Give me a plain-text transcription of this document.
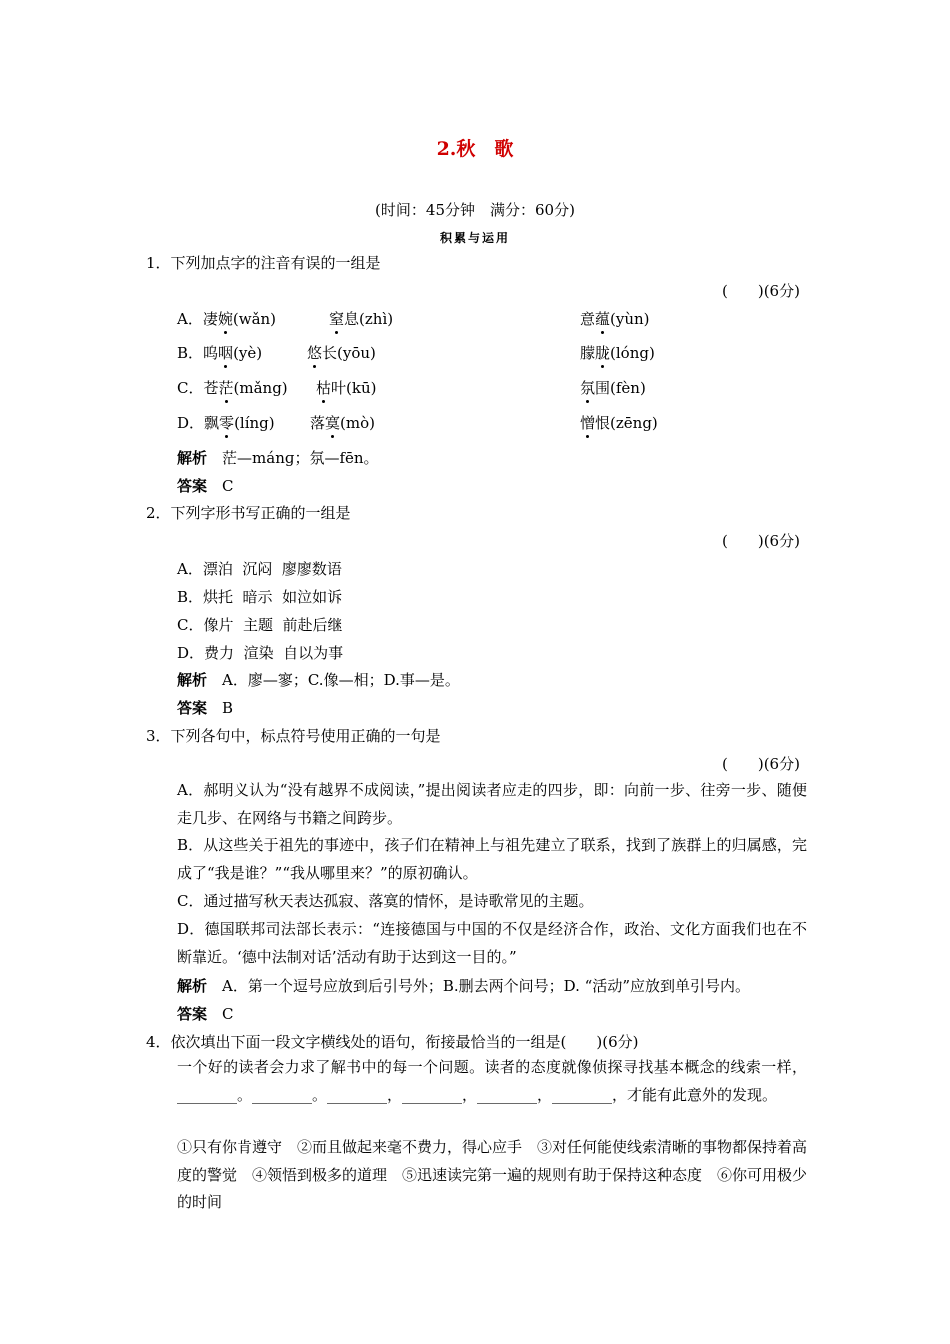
2.秋　歌
(时间：45分钟　满分：60分)
积累与运用
1．下列加点字的注音有误的一组是
(　　)(6分)
A．凄婉(wǎn)	窒息(zhì)	意蕴(yùn)
B．呜咽(yè)	悠长(yōu)	朦胧(lóng)
C．苍茫(mǎng) 枯叶(kū)	氛围(fèn)
D．飘零(líng) 落寞(mò)	憎恨(zēng)
解析　 茫—mánɡ；氛—fēn。
答案　 C
2．下列字形书写正确的一组是
(　　)(6分)
A．漂泊  沉闷  廖廖数语
B．烘托  暗示  如泣如诉
C．像片  主题  前赴后继
D．费力  渲染  自以为事
解析　 A．廖—寥；C.像—相；D.事—是。
答案　 B
3．下列各句中，标点符号使用正确的一句是
(　　)(6分)
A．郝明义认为“没有越界不成阅读，”提出阅读者应走的四步，即：向前一步、往旁一步、随便走几步、在网络与书籍之间跨步。
B．从这些关于祖先的事迹中，孩子们在精神上与祖先建立了联系，找到了族群上的归属感，完成了“我是谁？”“我从哪里来？”的原初确认。
C．通过描写秋天表达孤寂、落寞的情怀，是诗歌常见的主题。
D．德国联邦司法部长表示：“连接德国与中国的不仅是经济合作，政治、文化方面我们也在不断靠近。‘德中法制对话’活动有助于达到这一目的。”
解析　 A．第一个逗号应放到后引号外；B.删去两个问号；D. “活动”应放到单引号内。
答案　 C
4．依次填出下面一段文字横线处的语句，衔接最恰当的一组是(　　)(6分)
一个好的读者会力求了解书中的每一个问题。读者的态度就像侦探寻找基本概念的线索一样，________。________。________，________，________，________，才能有此意外的发现。
①只有你肯遵守　②而且做起来毫不费力，得心应手　③对任何能使线索清晰的事物都保持着高度的警觉　④领悟到极多的道理　⑤迅速读完第一遍的规则有助于保持这种态度　⑥你可用极少的时间
